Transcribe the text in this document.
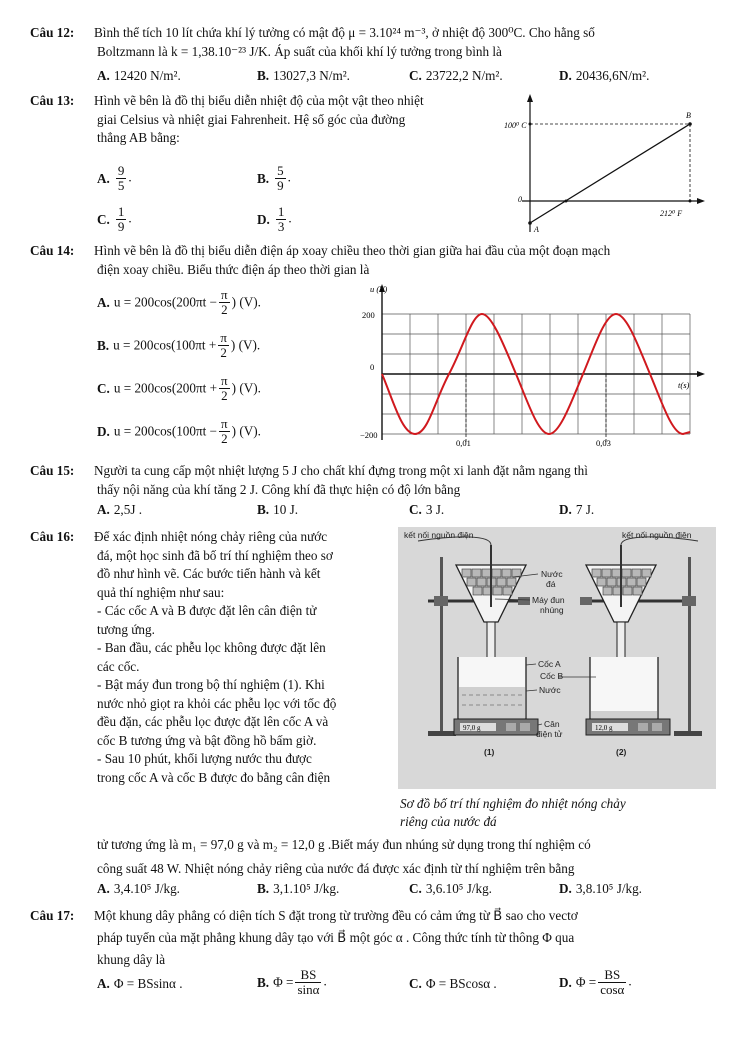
Câu 12: Bình thể tích 10 lít chứa khí lý tưởng có mật độ μ = 3.10²⁴ m⁻³, ở nhiệt độ 300⁰C. Cho hằng số
Boltzmann là k = 1,38.10⁻²³ J/K. Áp suất của khối khí lý tưởng trong bình là
A. 12420 N/m².	B. 13027,3 N/m².	C. 23722,2 N/m².	D. 20436,6N/m².
Câu 13: Hình vẽ bên là đồ thị biểu diễn nhiệt độ của một vật theo nhiệt
giai Celsius và nhiệt giai Fahrenheit. Hệ số góc của đường
thẳng AB bằng:
A. $\frac{9}{5}$ .	B. $\frac{5}{9}$ .
C. $\frac{1}{9}$ .	D. $\frac{1}{3}$ .
100⁰ C
212⁰ F
0
A
B
Câu 14: Hình vẽ bên là đồ thị biểu diễn điện áp xoay chiều theo thời gian giữa hai đầu của một đoạn mạch
điện xoay chiều. Biểu thức điện áp theo thời gian là
A. $u = 200\cos(200\pi t - \frac{\pi}{2}$ ) (V).
B. $u = 200\cos(100\pi t + \frac{\pi}{2}$ ) (V).
C. $u = 200\cos(200\pi t + \frac{\pi}{2}$ ) (V).
D. $u = 200\cos(100\pi t - \frac{\pi}{2}$ ) (V).
u (V)
t(s)
200
0
−200
0,01	0,03
Câu 15: Người ta cung cấp một nhiệt lượng 5 J cho chất khí đựng trong một xi lanh đặt nằm ngang thì
thấy nội năng của khí tăng 2 J. Công khí đã thực hiện có độ lớn bằng
A. 2,5J .	B. 10 J.	C. 3 J.	D. 7 J.
Câu 16: Để xác định nhiệt nóng chảy riêng của nước
đá, một học sinh đã bố trí thí nghiệm theo sơ
đồ như hình vẽ. Các bước tiến hành và kết
quả thí nghiệm như sau:
- Các cốc A và B được đặt lên cân điện tử
tương ứng.
- Ban đầu, các phễu lọc không được đặt lên
các cốc.
- Bật máy đun trong bộ thí nghiệm (1). Khi
nước nhỏ giọt ra khỏi các phễu lọc với tốc độ
đều đặn, các phễu lọc được đặt lên cốc A và
cốc B tương ứng và bật đồng hồ bấm giờ.
- Sau 10 phút, khối lượng nước thu được
trong cốc A và cốc B được đo bằng cân điện
kết nối nguồn điện	kết nối nguồn điện
97,0 g	12,0 g
Nước
đá
Máy đun
nhúng
Cốc A
Cốc B
Nước
Cân
điện tử
(1)	(2)
Sơ đồ bố trí thí nghiệm đo nhiệt nóng chảy
riêng của nước đá
tử tương ứng là m₁ = 97,0 g và m₂ = 12,0 g .Biết máy đun nhúng sử dụng trong thí nghiệm có
công suất 48 W. Nhiệt nóng chảy riêng của nước đá được xác định từ thí nghiệm trên bằng
A. 3,4.10⁵ J/kg.	B. 3,1.10⁵ J/kg.	C. 3,6.10⁵ J/kg.	D. 3,8.10⁵ J/kg.
Câu 17: Một khung dây phẳng có diện tích S đặt trong từ trường đều có cảm ứng từ B⃗ sao cho vectơ
pháp tuyến của mặt phẳng khung dây tạo với B⃗ một góc α . Công thức tính từ thông Φ qua
khung dây là
A. Φ = BSsinα .	B. $\Phi = \frac{BS}{\sin\alpha}$ .	C. Φ = BScosα .	D. $\Phi = \frac{BS}{\cos\alpha}$ .
